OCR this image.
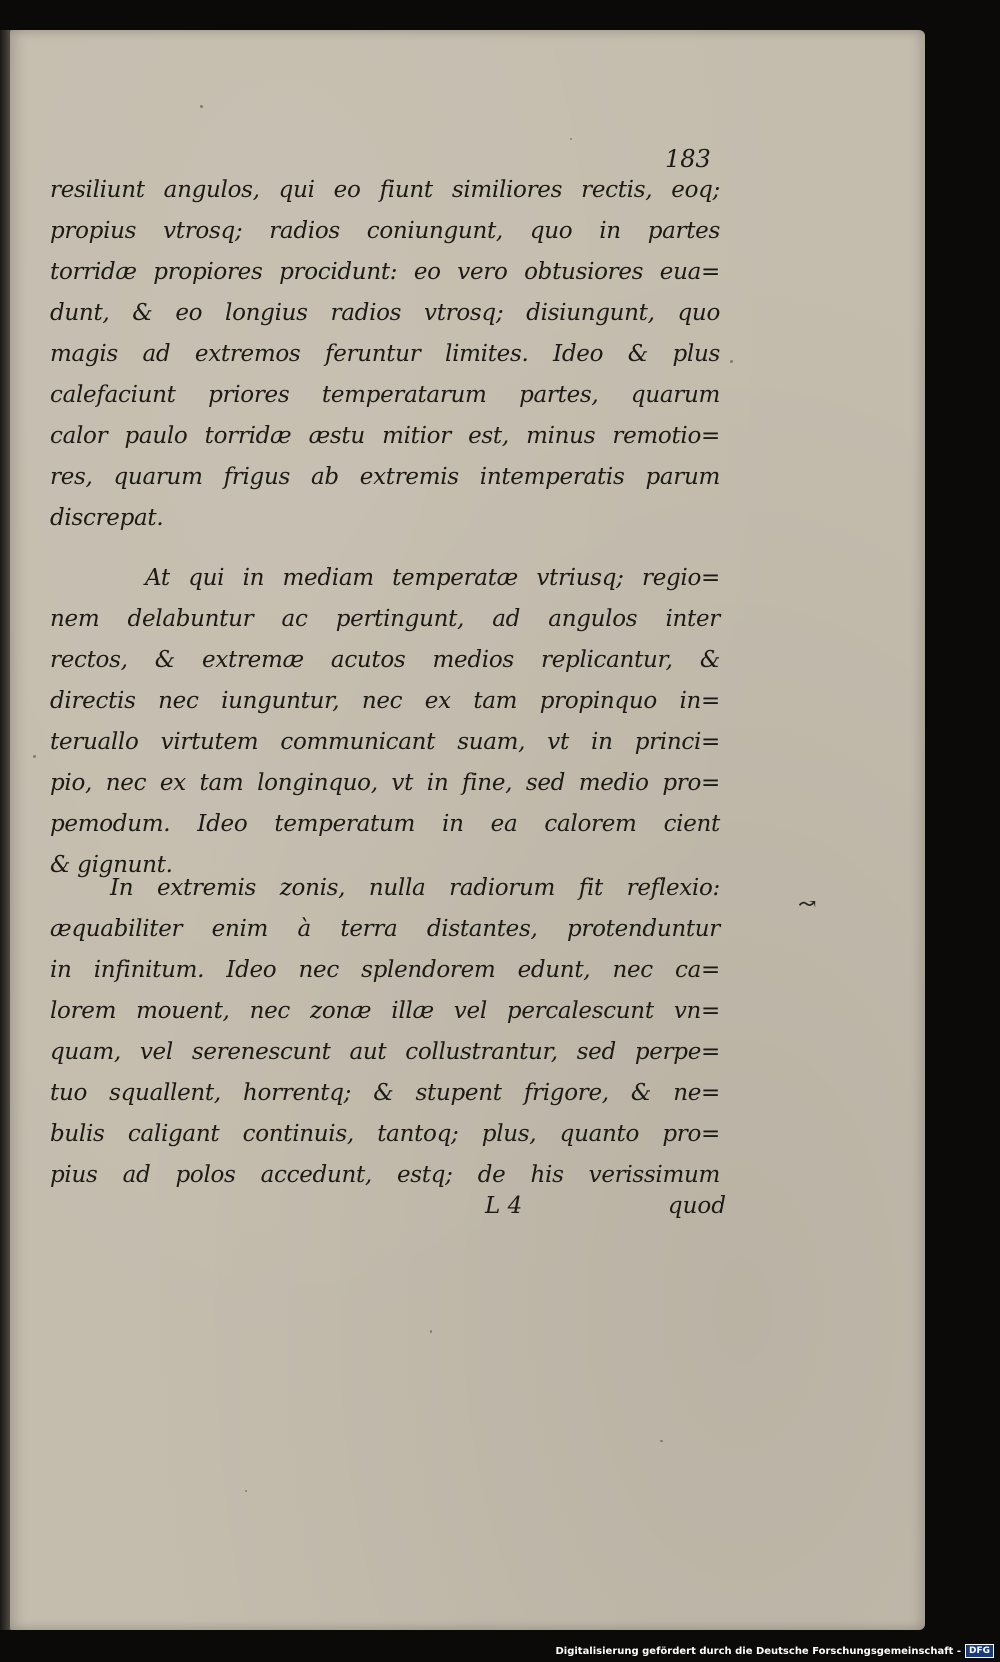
183
resiliunt angulos, qui eo fiunt similiores rectis, eoq;
propius vtrosq; radios coniungunt, quo in partes
torridæ propiores procidunt: eo vero obtusiores eua=
dunt, & eo longius radios vtrosq; disiungunt, quo
magis ad extremos feruntur limites. Ideo & plus
calefaciunt priores temperatarum partes, quarum
calor paulo torridæ æstu mitior est, minus remotio=
res, quarum frigus ab extremis intemperatis parum
discrepat.
At qui in mediam temperatæ vtriusq; regio=
nem delabuntur ac pertingunt, ad angulos inter
rectos, & extremæ acutos medios replicantur, &
directis nec iunguntur, nec ex tam propinquo in=
teruallo virtutem communicant suam, vt in princi=
pio, nec ex tam longinquo, vt in fine, sed medio pro=
pemodum. Ideo temperatum in ea calorem cient
& gignunt.
In extremis zonis, nulla radiorum fit reflexio:
æquabiliter enim à terra distantes, protenduntur
in infinitum. Ideo nec splendorem edunt, nec ca=
lorem mouent, nec zonæ illæ vel percalescunt vn=
quam, vel serenescunt aut collustrantur, sed perpe=
tuo squallent, horrentq; & stupent frigore, & ne=
bulis caligant continuis, tantoq; plus, quanto pro=
pius ad polos accedunt, estq; de his verissimum
L 4	quod
↝
Digitalisierung gefördert durch die Deutsche Forschungsgemeinschaft - DFG
